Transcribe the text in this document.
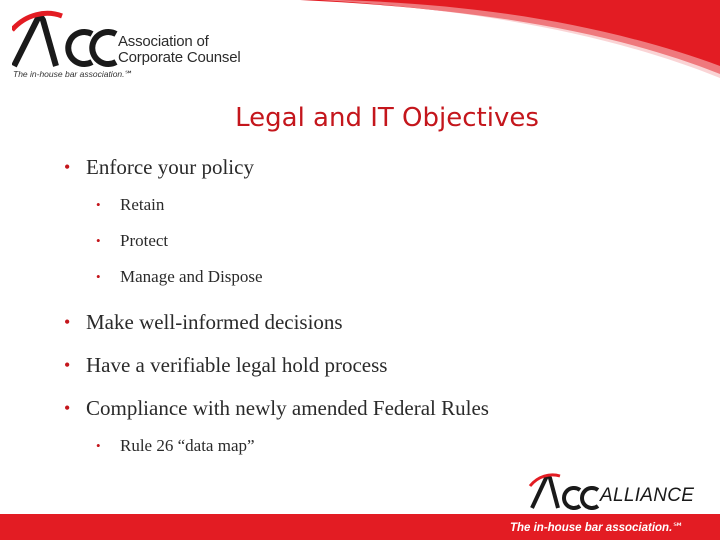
Association of
Corporate Counsel
The in-house bar association.℠
Legal and IT Objectives
• Enforce your policy
• Retain
• Protect
• Manage and Dispose
• Make well-informed decisions
• Have a verifiable legal hold process
• Compliance with newly amended Federal Rules
• Rule 26 “data map”
ALLIANCE
The in-house bar association.℠
